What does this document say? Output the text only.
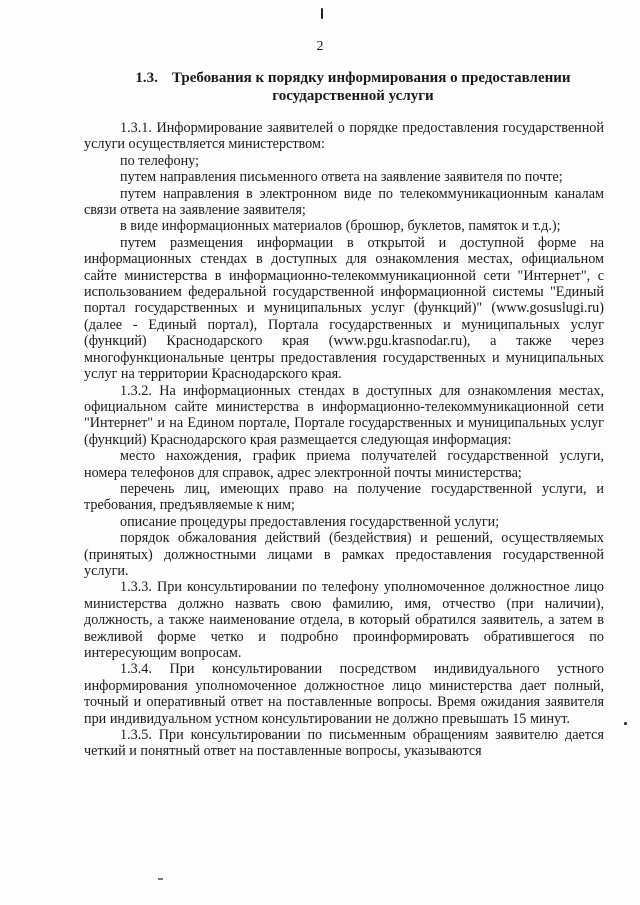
2
1.3. Требования к порядку информирования о предоставлении государственной услуги

1.3.1. Информирование заявителей о порядке предоставления государственной услуги осуществляется министерством:

по телефону;

путем направления письменного ответа на заявление заявителя по почте;

путем направления в электронном виде по телекоммуникационным каналам связи ответа на заявление заявителя;

в виде информационных материалов (брошюр, буклетов, памяток и т.д.);

путем размещения информации в открытой и доступной форме на информационных стендах в доступных для ознакомления местах, официальном сайте министерства в информационно-телекоммуникационной сети "Интернет", с использованием федеральной государственной информационной системы "Единый портал государственных и муниципальных услуг (функций)" (www.gosuslugi.ru) (далее - Единый портал), Портала государственных и муниципальных услуг (функций) Краснодарского края (www.pgu.krasnodar.ru), а также через многофункциональные центры предоставления государственных и муниципальных услуг на территории Краснодарского края.

1.3.2. На информационных стендах в доступных для ознакомления местах, официальном сайте министерства в информационно-телекоммуникационной сети "Интернет" и на Едином портале, Портале государственных и муниципальных услуг (функций) Краснодарского края размещается следующая информация:

место нахождения, график приема получателей государственной услуги, номера телефонов для справок, адрес электронной почты министерства;

перечень лиц, имеющих право на получение государственной услуги, и требования, предъявляемые к ним;

описание процедуры предоставления государственной услуги;

порядок обжалования действий (бездействия) и решений, осуществляемых (принятых) должностными лицами в рамках предоставления государственной услуги.

1.3.3. При консультировании по телефону уполномоченное должностное лицо министерства должно назвать свою фамилию, имя, отчество (при наличии), должность, а также наименование отдела, в который обратился заявитель, а затем в вежливой форме четко и подробно проинформировать обратившегося по интересующим вопросам.

1.3.4. При консультировании посредством индивидуального устного информирования уполномоченное должностное лицо министерства дает полный, точный и оперативный ответ на поставленные вопросы. Время ожидания заявителя при индивидуальном устном консультировании не должно превышать 15 минут.

1.3.5. При консультировании по письменным обращениям заявителю дается четкий и понятный ответ на поставленные вопросы, указываются
